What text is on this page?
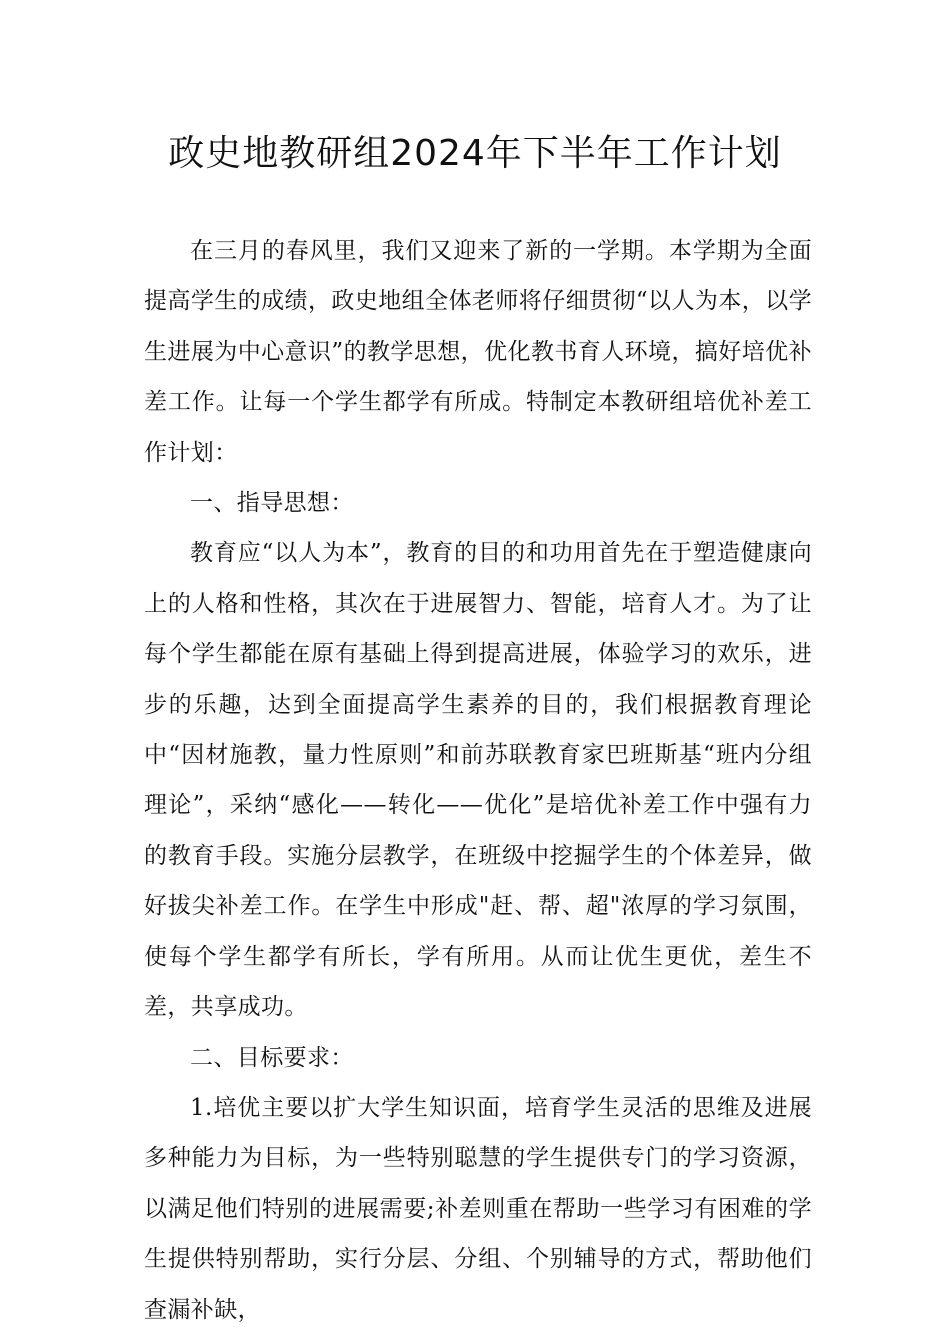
政史地教研组2024年下半年工作计划

在三月的春风里，我们又迎来了新的一学期。本学期为全面提高学生的成绩，政史地组全体老师将仔细贯彻“以人为本，以学生进展为中心意识”的教学思想，优化教书育人环境，搞好培优补差工作。让每一个学生都学有所成。特制定本教研组培优补差工作计划：

一、指导思想：

教育应“以人为本”，教育的目的和功用首先在于塑造健康向上的人格和性格，其次在于进展智力、智能，培育人才。为了让每个学生都能在原有基础上得到提高进展，体验学习的欢乐，进步的乐趣，达到全面提高学生素养的目的，我们根据教育理论中“因材施教，量力性原则”和前苏联教育家巴班斯基“班内分组理论”，采纳“感化——转化——优化”是培优补差工作中强有力的教育手段。实施分层教学，在班级中挖掘学生的个体差异，做好拔尖补差工作。在学生中形成"赶、帮、超"浓厚的学习氛围，使每个学生都学有所长，学有所用。从而让优生更优，差生不差，共享成功。

二、目标要求：

1.培优主要以扩大学生知识面，培育学生灵活的思维及进展多种能力为目标，为一些特别聪慧的学生提供专门的学习资源，以满足他们特别的进展需要;补差则重在帮助一些学习有困难的学生提供特别帮助，实行分层、分组、个别辅导的方式，帮助他们查漏补缺，
